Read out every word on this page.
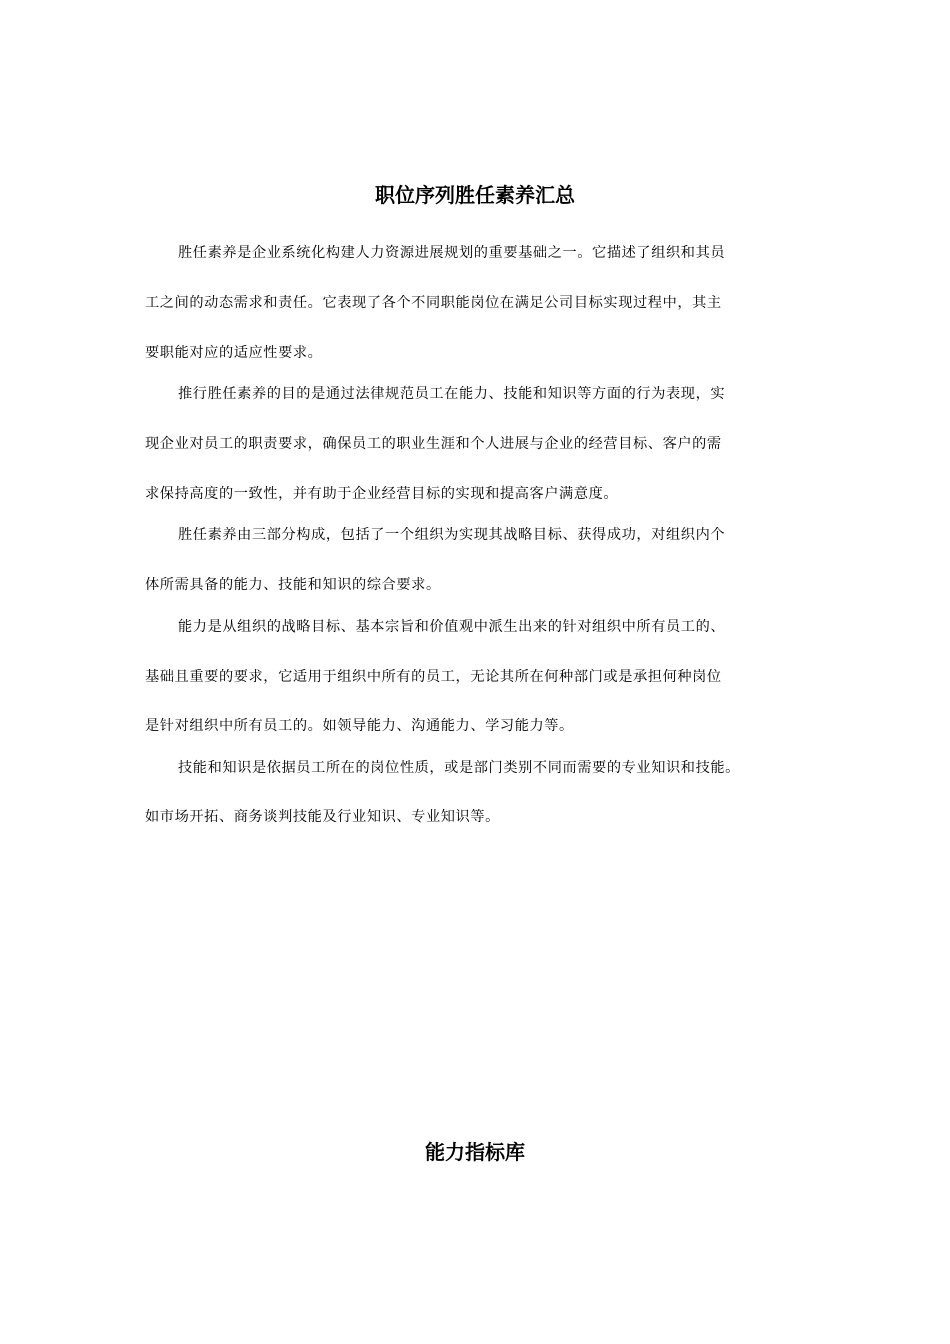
职位序列胜任素养汇总
胜任素养是企业系统化构建人力资源进展规划的重要基础之一。它描述了组织和其员
工之间的动态需求和责任。它表现了各个不同职能岗位在满足公司目标实现过程中，其主
要职能对应的适应性要求。
推行胜任素养的目的是通过法律规范员工在能力、技能和知识等方面的行为表现，实
现企业对员工的职责要求，确保员工的职业生涯和个人进展与企业的经营目标、客户的需
求保持高度的一致性，并有助于企业经营目标的实现和提高客户满意度。
胜任素养由三部分构成，包括了一个组织为实现其战略目标、获得成功，对组织内个
体所需具备的能力、技能和知识的综合要求。
能力是从组织的战略目标、基本宗旨和价值观中派生出来的针对组织中所有员工的、
基础且重要的要求，它适用于组织中所有的员工，无论其所在何种部门或是承担何种岗位
是针对组织中所有员工的。如领导能力、沟通能力、学习能力等。
技能和知识是依据员工所在的岗位性质，或是部门类别不同而需要的专业知识和技能。
如市场开拓、商务谈判技能及行业知识、专业知识等。
能力指标库
